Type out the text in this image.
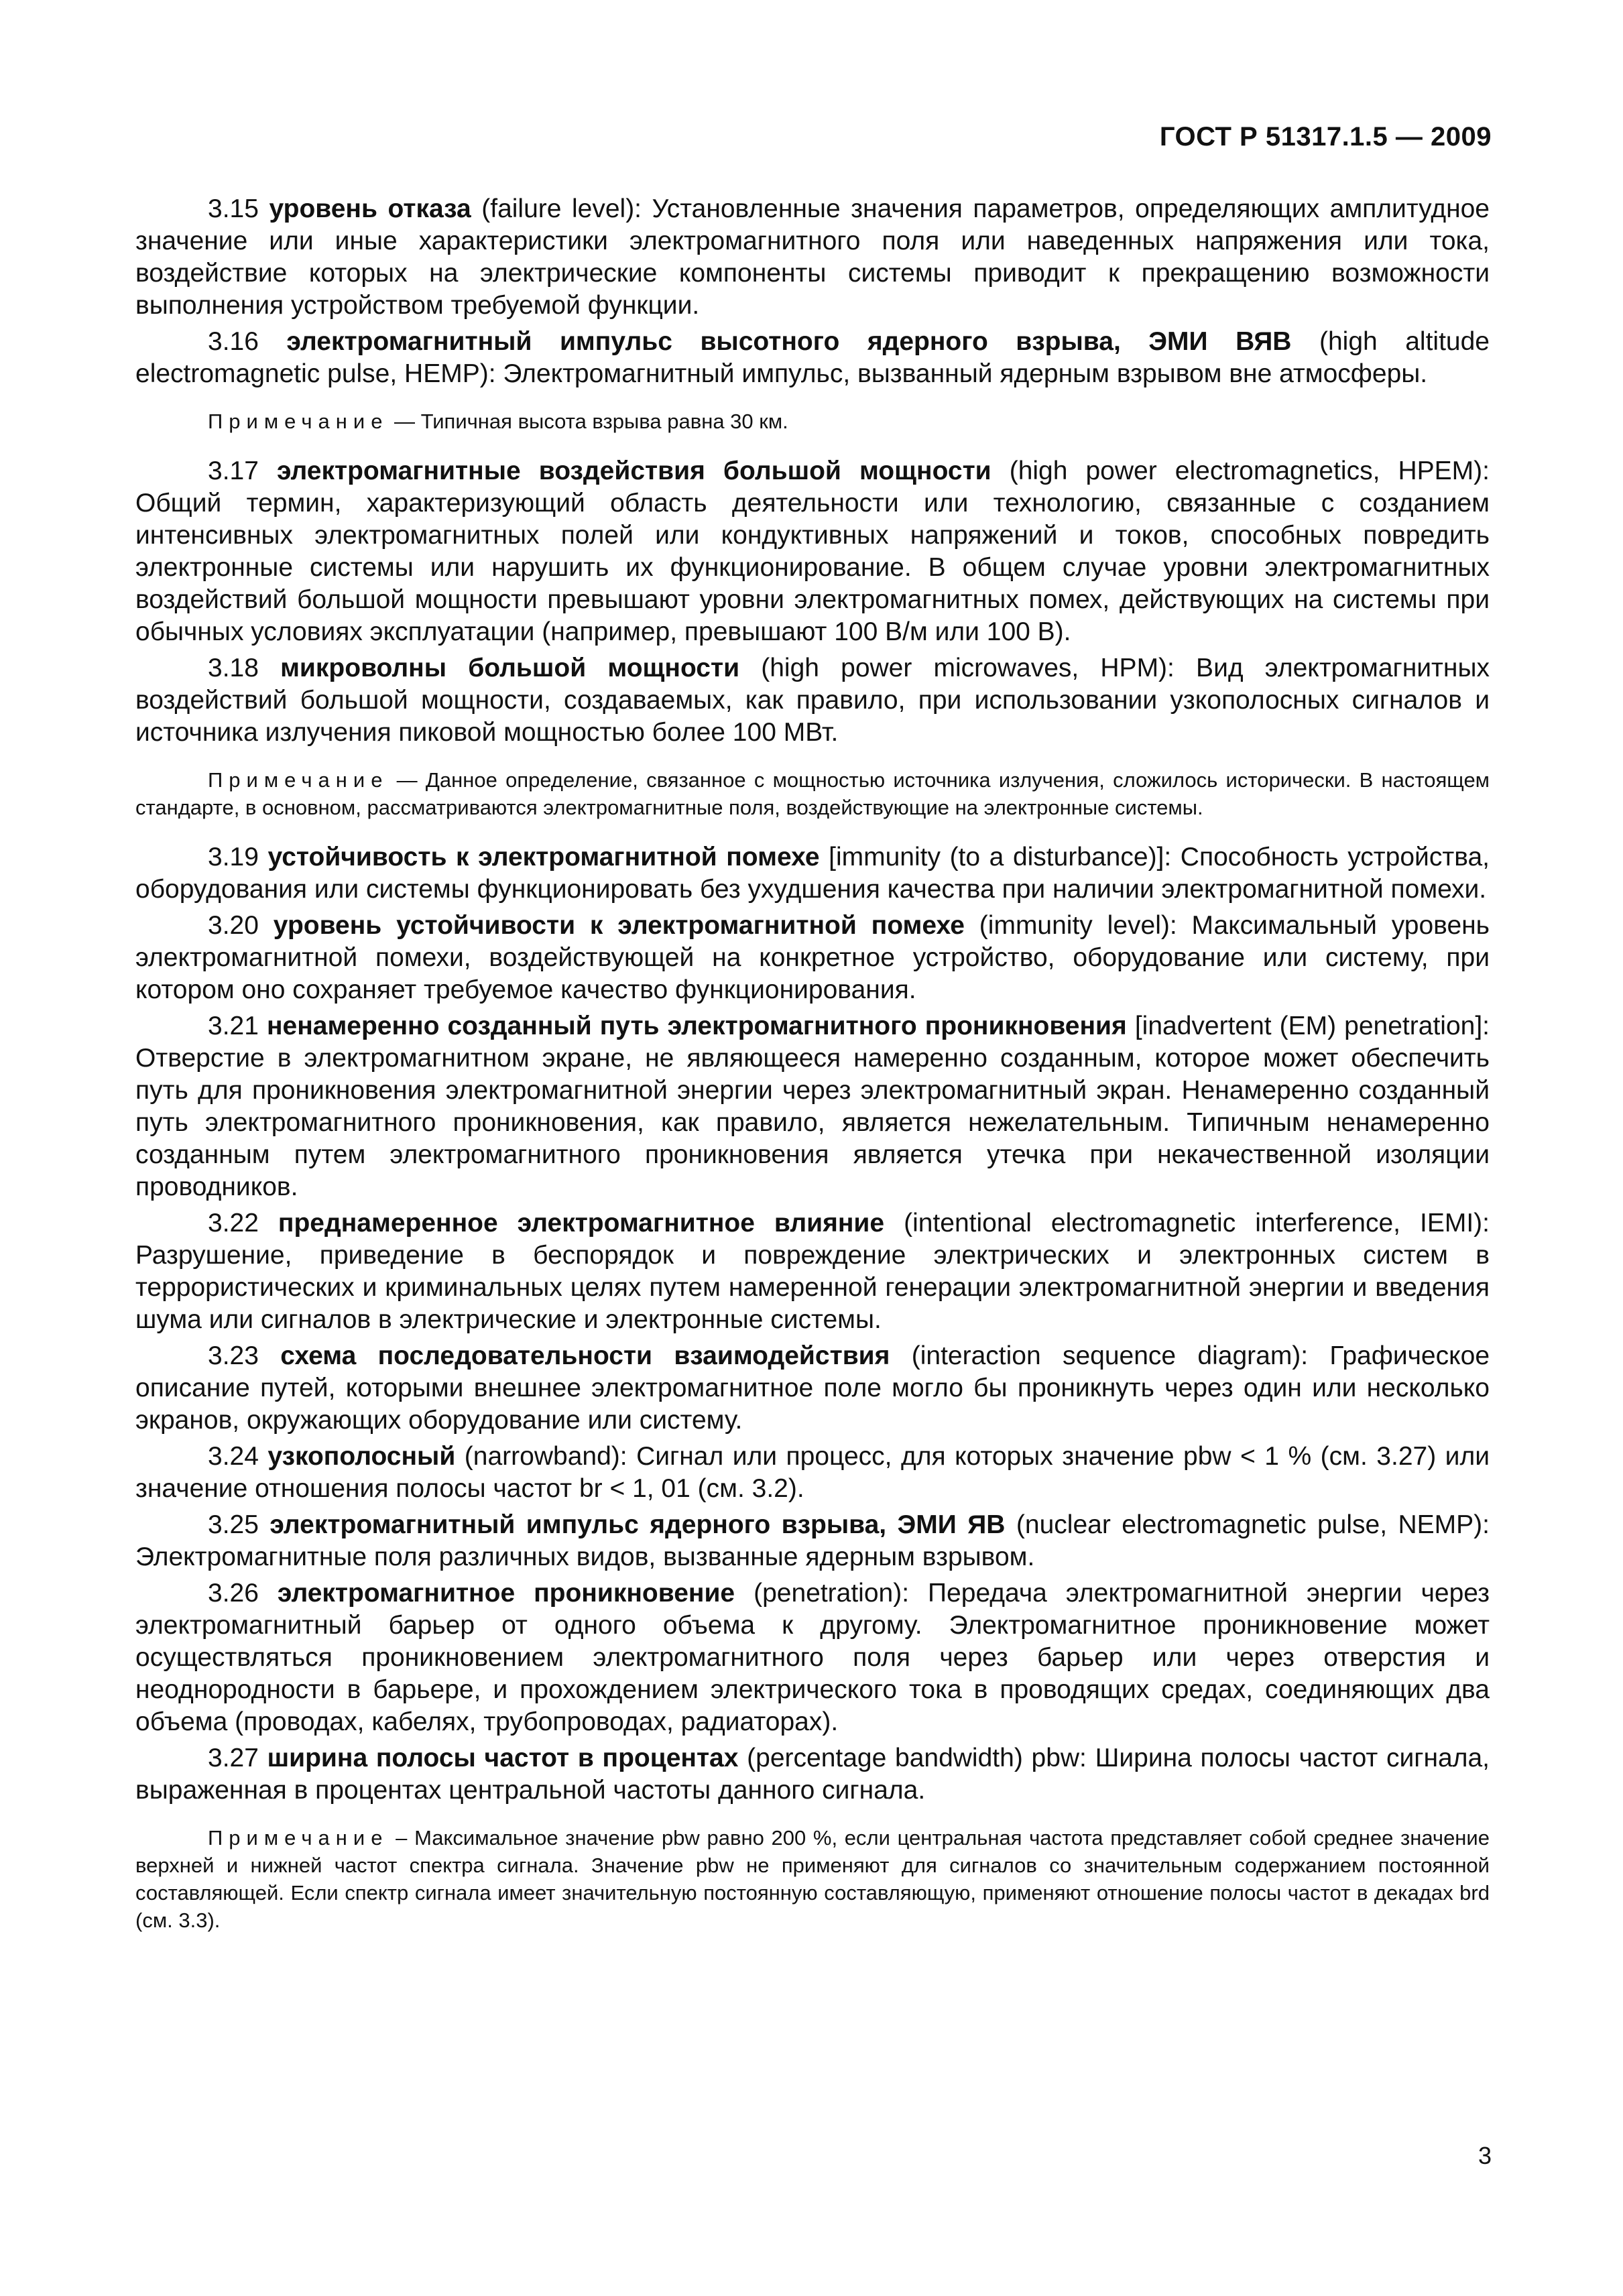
ГОСТ Р 51317.1.5 — 2009

3.15 уровень отказа (failure level): Установленные значения параметров, определяющих амплитудное значение или иные характеристики электромагнитного поля или наведенных напряжения или тока, воздействие которых на электрические компоненты системы приводит к прекращению возможности выполнения устройством требуемой функции.

3.16 электромагнитный импульс высотного ядерного взрыва, ЭМИ ВЯВ (high altitude electromagnetic pulse, HEMP): Электромагнитный импульс, вызванный ядерным взрывом вне атмосферы.

Примечание — Типичная высота взрыва равна 30 км.

3.17 электромагнитные воздействия большой мощности (high power electromagnetics, HPEM): Общий термин, характеризующий область деятельности или технологию, связанные с созданием интенсивных электромагнитных полей или кондуктивных напряжений и токов, способных повредить электронные системы или нарушить их функционирование. В общем случае уровни электромагнитных воздействий большой мощности превышают уровни электромагнитных помех, действующих на системы при обычных условиях эксплуатации (например, превышают 100 В/м или 100 В).

3.18 микроволны большой мощности (high power microwaves, HPM): Вид электромагнитных воздействий большой мощности, создаваемых, как правило, при использовании узкополосных сигналов и источника излучения пиковой мощностью более 100 МВт.

Примечание — Данное определение, связанное с мощностью источника излучения, сложилось исторически. В настоящем стандарте, в основном, рассматриваются электромагнитные поля, воздействующие на электронные системы.

3.19 устойчивость к электромагнитной помехе [immunity (to a disturbance)]: Способность устройства, оборудования или системы функционировать без ухудшения качества при наличии электромагнитной помехи.

3.20 уровень устойчивости к электромагнитной помехе (immunity level): Максимальный уровень электромагнитной помехи, воздействующей на конкретное устройство, оборудование или систему, при котором оно сохраняет требуемое качество функционирования.

3.21 ненамеренно созданный путь электромагнитного проникновения [inadvertent (EM) penetration]: Отверстие в электромагнитном экране, не являющееся намеренно созданным, которое может обеспечить путь для проникновения электромагнитной энергии через электромагнитный экран. Ненамеренно созданный путь электромагнитного проникновения, как правило, является нежелательным. Типичным ненамеренно созданным путем электромагнитного проникновения является утечка при некачественной изоляции проводников.

3.22 преднамеренное электромагнитное влияние (intentional electromagnetic interference, IEMI): Разрушение, приведение в беспорядок и повреждение электрических и электронных систем в террористических и криминальных целях путем намеренной генерации электромагнитной энергии и введения шума или сигналов в электрические и электронные системы.

3.23 схема последовательности взаимодействия (interaction sequence diagram): Графическое описание путей, которыми внешнее электромагнитное поле могло бы проникнуть через один или несколько экранов, окружающих оборудование или систему.

3.24 узкополосный (narrowband): Сигнал или процесс, для которых значение pbw < 1 % (см. 3.27) или значение отношения полосы частот br < 1, 01 (см. 3.2).

3.25 электромагнитный импульс ядерного взрыва, ЭМИ ЯВ (nuclear electromagnetic pulse, NEMP): Электромагнитные поля различных видов, вызванные ядерным взрывом.

3.26 электромагнитное проникновение (penetration): Передача электромагнитной энергии через электромагнитный барьер от одного объема к другому. Электромагнитное проникновение может осуществляться проникновением электромагнитного поля через барьер или через отверстия и неоднородности в барьере, и прохождением электрического тока в проводящих средах, соединяющих два объема (проводах, кабелях, трубопроводах, радиаторах).

3.27 ширина полосы частот в процентах (percentage bandwidth) pbw: Ширина полосы частот сигнала, выраженная в процентах центральной частоты данного сигнала.

Примечание – Максимальное значение pbw равно 200 %, если центральная частота представляет собой среднее значение верхней и нижней частот спектра сигнала. Значение pbw не применяют для сигналов со значительным содержанием постоянной составляющей. Если спектр сигнала имеет значительную постоянную составляющую, применяют отношение полосы частот в декадах brd (см. 3.3).

3
